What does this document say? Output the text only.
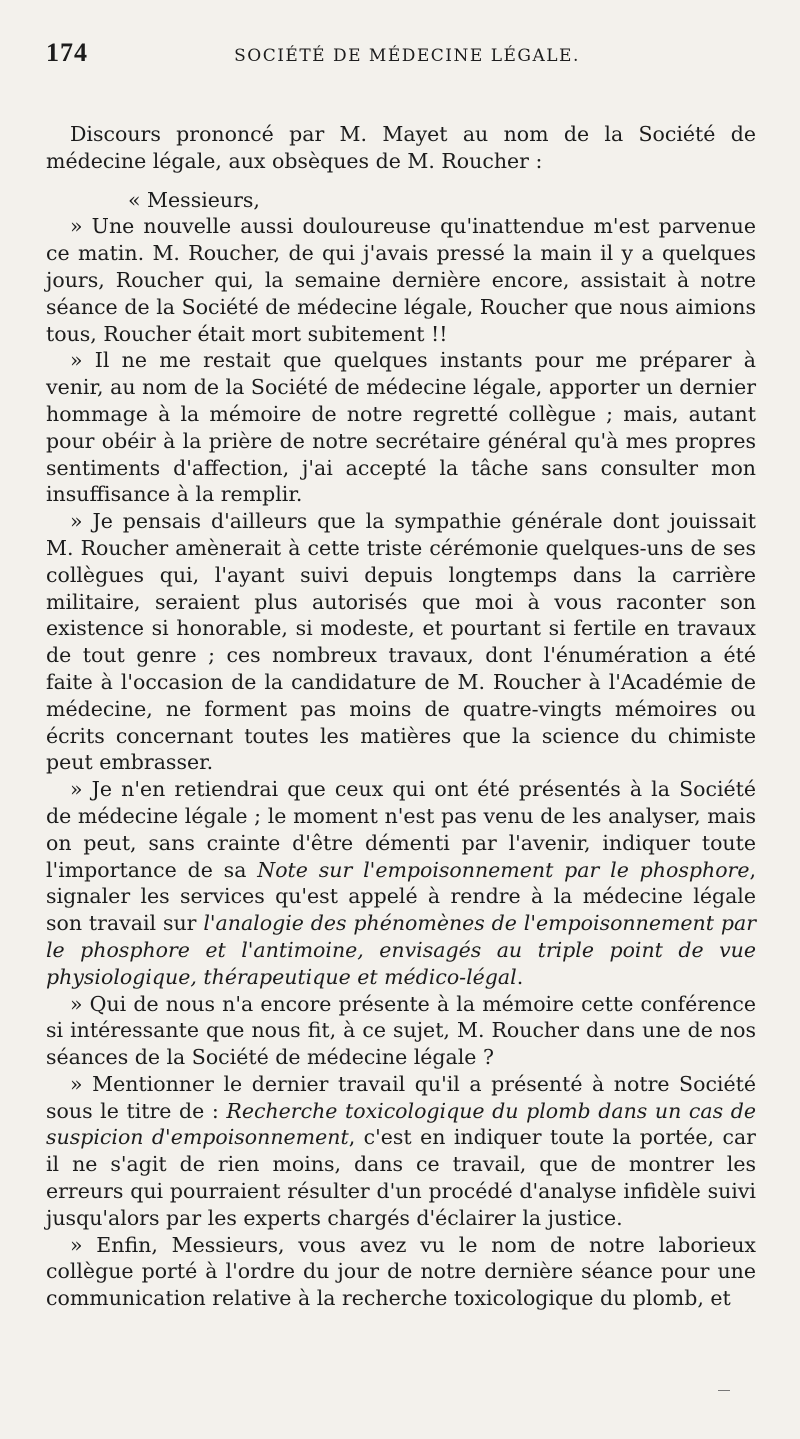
174	SOCIÉTÉ DE MÉDECINE LÉGALE.

Discours prononcé par M. Mayet au nom de la Société de médecine légale, aux obsèques de M. Roucher :

« Messieurs,

» Une nouvelle aussi douloureuse qu'inattendue m'est parvenue ce matin. M. Roucher, de qui j'avais pressé la main il y a quelques jours, Roucher qui, la semaine dernière encore, assistait à notre séance de la Société de médecine légale, Roucher que nous aimions tous, Roucher était mort subitement !!

» Il ne me restait que quelques instants pour me préparer à venir, au nom de la Société de médecine légale, apporter un dernier hommage à la mémoire de notre regretté collègue ; mais, autant pour obéir à la prière de notre secrétaire général qu'à mes propres sentiments d'affection, j'ai accepté la tâche sans consulter mon insuffisance à la remplir.

» Je pensais d'ailleurs que la sympathie générale dont jouissait M. Roucher amènerait à cette triste cérémonie quelques-uns de ses collègues qui, l'ayant suivi depuis longtemps dans la carrière militaire, seraient plus autorisés que moi à vous raconter son existence si honorable, si modeste, et pourtant si fertile en travaux de tout genre ; ces nombreux travaux, dont l'énumération a été faite à l'occasion de la candidature de M. Roucher à l'Académie de médecine, ne forment pas moins de quatre-vingts mémoires ou écrits concernant toutes les matières que la science du chimiste peut embrasser.

» Je n'en retiendrai que ceux qui ont été présentés à la Société de médecine légale ; le moment n'est pas venu de les analyser, mais on peut, sans crainte d'être démenti par l'avenir, indiquer toute l'importance de sa Note sur l'empoisonnement par le phosphore, signaler les services qu'est appelé à rendre à la médecine légale son travail sur l'analogie des phénomènes de l'empoisonnement par le phosphore et l'antimoine, envisagés au triple point de vue physiologique, thérapeutique et médico-légal.

» Qui de nous n'a encore présente à la mémoire cette conférence si intéressante que nous fit, à ce sujet, M. Roucher dans une de nos séances de la Société de médecine légale ?

» Mentionner le dernier travail qu'il a présenté à notre Société sous le titre de : Recherche toxicologique du plomb dans un cas de suspicion d'empoisonnement, c'est en indiquer toute la portée, car il ne s'agit de rien moins, dans ce travail, que de montrer les erreurs qui pourraient résulter d'un procédé d'analyse infidèle suivi jusqu'alors par les experts chargés d'éclairer la justice.

» Enfin, Messieurs, vous avez vu le nom de notre laborieux collègue porté à l'ordre du jour de notre dernière séance pour une communication relative à la recherche toxicologique du plomb, et
